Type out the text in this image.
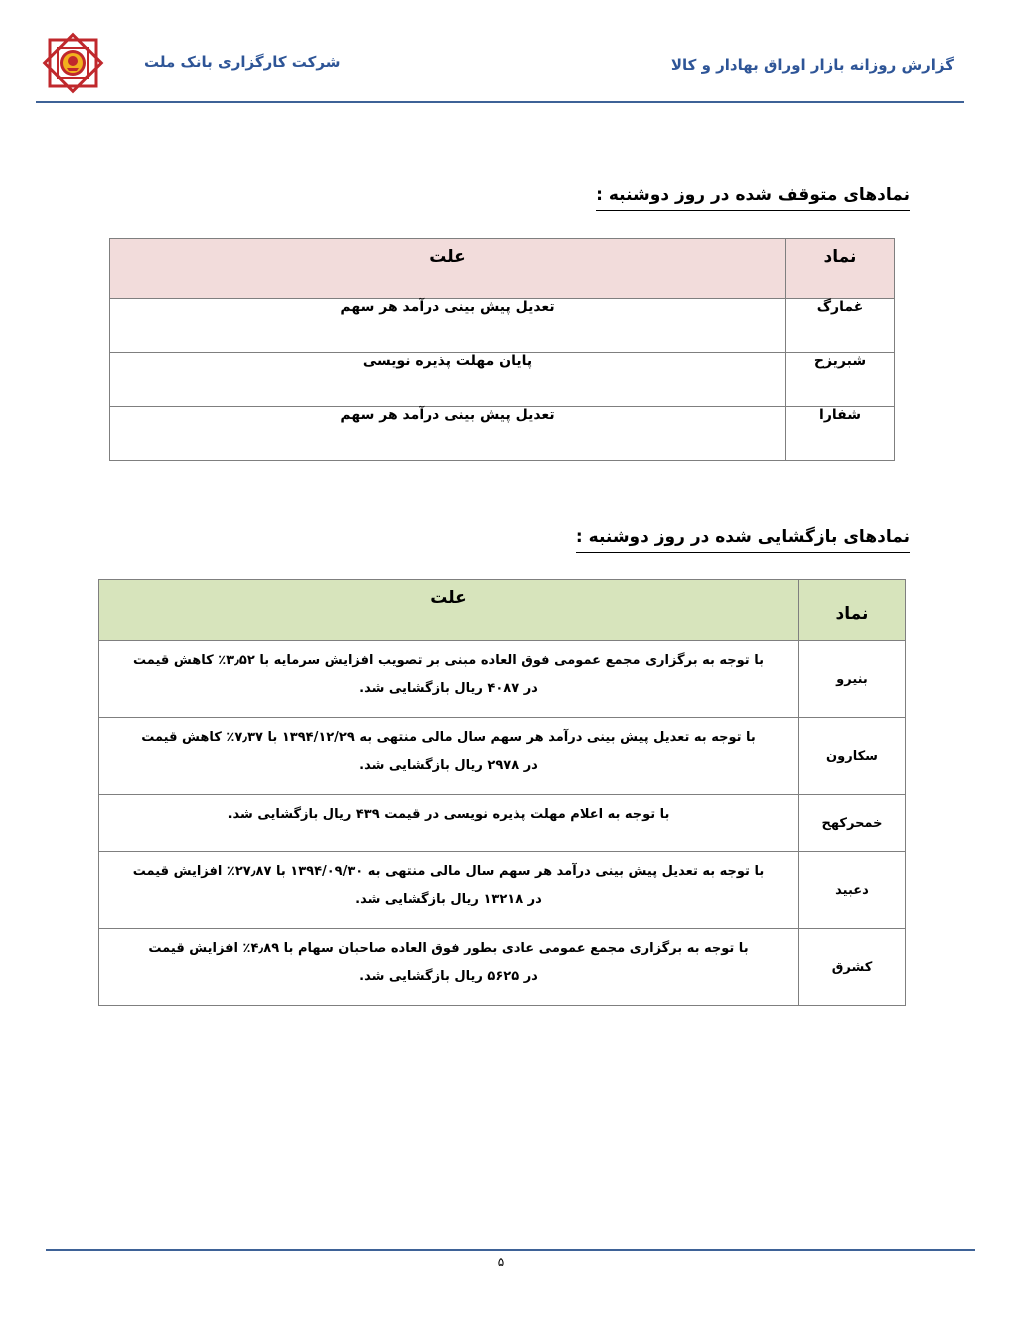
شرکت کارگزاری بانک ملت	گزارش روزانه بازار اوراق بهادار و کالا
نمادهای متوقف شده در روز دوشنبه :
نماد	علت
غمارگ	تعدیل پیش بینی درآمد هر سهم
شبریزح	پایان مهلت پذیره نویسی
شفارا	تعدیل پیش بینی درآمد هر سهم
نمادهای بازگشایی شده در روز دوشنبه :
نماد	علت
بنیرو	با توجه به برگزاری مجمع عمومی فوق العاده مبنی بر تصویب افزایش سرمایه با ۳٫۵۲٪ کاهش قیمت
در ۴۰۸۷ ریال بازگشایی شد.

سکارون	با توجه به تعدیل پیش بینی درآمد هر سهم سال مالی منتهی به ۱۳۹۴/۱۲/۲۹ با ۷٫۳۷٪ کاهش قیمت
در ۲۹۷۸ ریال بازگشایی شد.

خمحرکهح	با توجه به اعلام مهلت پذیره نویسی در قیمت ۴۳۹ ریال بازگشایی شد.

دعبید	با توجه به تعدیل پیش بینی درآمد هر سهم سال مالی منتهی به ۱۳۹۴/۰۹/۳۰ با ۲۷٫۸۷٪ افزایش قیمت
در ۱۳۲۱۸ ریال بازگشایی شد.

کشرق	با توجه به برگزاری مجمع عمومی عادی بطور فوق العاده صاحبان سهام با ۴٫۸۹٪ افزایش قیمت
در ۵۶۲۵ ریال بازگشایی شد.
۵
